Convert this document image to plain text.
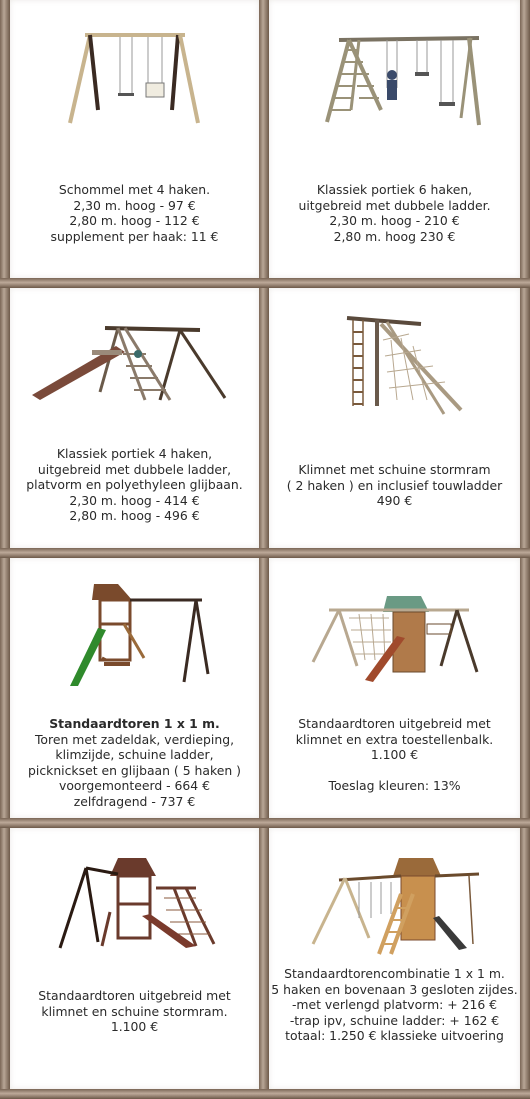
Schommel met 4 haken.
2,30 m. hoog - 97 €
2,80 m. hoog - 112 €
supplement per haak: 11 €
Klassiek portiek 6 haken,
uitgebreid met dubbele ladder.
2,30 m. hoog - 210 €
2,80 m. hoog 230 €
Klassiek portiek 4 haken,
uitgebreid met dubbele ladder,
platvorm en polyethyleen glijbaan.
2,30 m. hoog - 414 €
2,80 m. hoog - 496 €
Klimnet met schuine stormram
( 2 haken ) en inclusief touwladder
490 €
Standaardtoren 1 x 1 m.
Toren met zadeldak, verdieping,
klimzijde, schuine ladder,
picknickset en glijbaan ( 5 haken )
voorgemonteerd - 664 €
zelfdragend - 737 €
Standaardtoren uitgebreid met
klimnet en extra toestellenbalk.
1.100 €
Toeslag kleuren: 13%
Standaardtoren uitgebreid met
klimnet en schuine stormram.
1.100 €
Standaardtorencombinatie 1 x 1 m.
5 haken en bovenaan 3 gesloten zijdes.
-met verlengd platvorm: + 216 €
-trap ipv, schuine ladder: + 162 €
totaal: 1.250 € klassieke uitvoering
